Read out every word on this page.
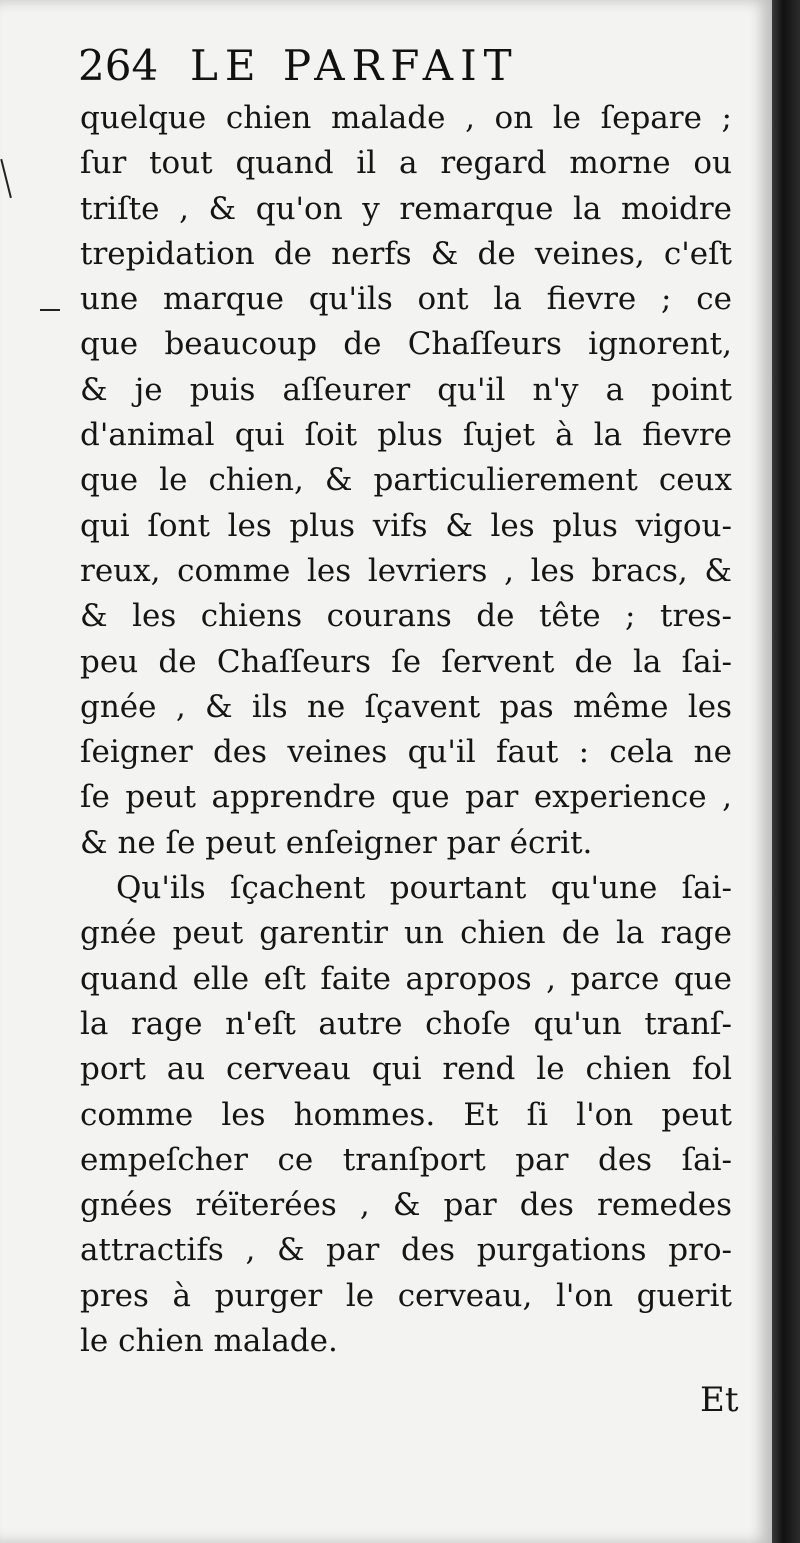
264 LE PARFAIT
quelque chien malade , on le ſepare ;
ſur tout quand il a regard morne ou
triſte , & qu'on y remarque la moidre
trepidation de nerfs & de veines, c'eſt
une marque qu'ils ont la fievre ; ce
que beaucoup de Chaſſeurs ignorent,
& je puis aſſeurer qu'il n'y a point
d'animal qui ſoit plus ſujet à la fievre
que le chien, & particulierement ceux
qui ſont les plus vifs & les plus vigou-
reux, comme les levriers , les bracs, &
& les chiens courans de tête ; tres-
peu de Chaſſeurs ſe ſervent de la ſai-
gnée , & ils ne ſçavent pas même les
ſeigner des veines qu'il faut : cela ne
ſe peut apprendre que par experience ,
& ne ſe peut enſeigner par écrit.
Qu'ils ſçachent pourtant qu'une ſai-
gnée peut garentir un chien de la rage
quand elle eſt faite apropos , parce que
la rage n'eſt autre choſe qu'un tranſ-
port au cerveau qui rend le chien fol
comme les hommes. Et ſi l'on peut
empeſcher ce tranſport par des ſai-
gnées réïterées , & par des remedes
attractifs , & par des purgations pro-
pres à purger le cerveau, l'on guerit
le chien malade.
Et
